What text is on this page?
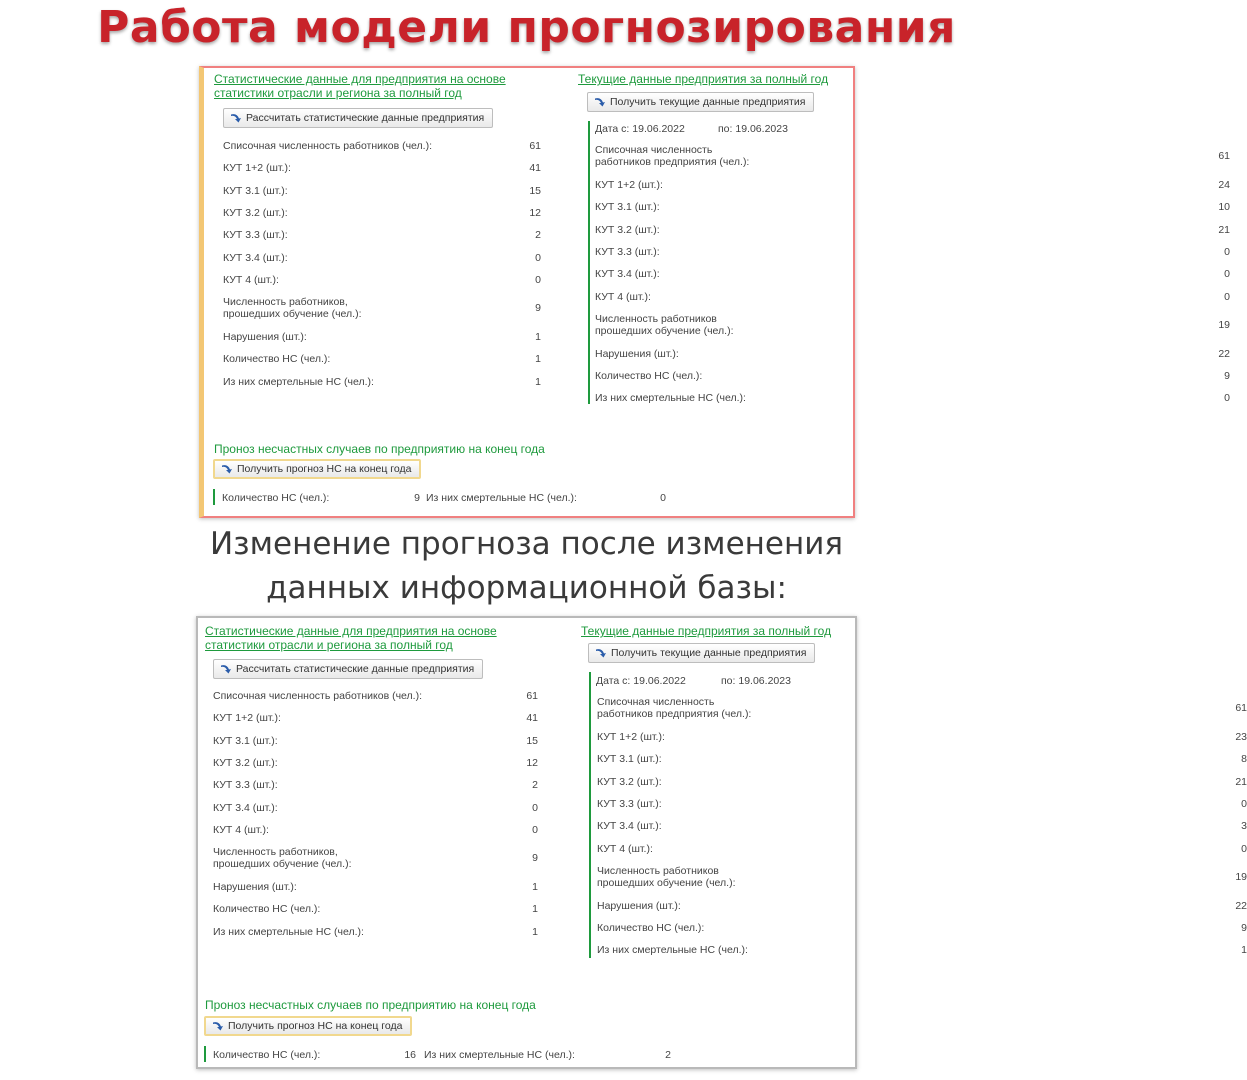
Работа модели прогнозирования
Статистические данные для предприятия на основе
статистики отрасли и региона за полный год
Рассчитать статистические данные предприятия
Списочная численность работников (чел.):	61
КУТ 1+2 (шт.):	41
КУТ 3.1 (шт.):	15
КУТ 3.2 (шт.):	12
КУТ 3.3 (шт.):	2
КУТ 3.4 (шт.):	0
КУТ 4 (шт.):	0
Численность работников,
прошедших обучение (чел.):	9
Нарушения (шт.):	1
Количество НС (чел.):	1
Из них смертельные НС (чел.):	1
Текущие данные предприятия за полный год
Получить текущие данные предприятия
Дата с: 19.06.2022	по: 19.06.2023
Списочная численность
работников предприятия (чел.):	61
КУТ 1+2 (шт.):	24
КУТ 3.1 (шт.):	10
КУТ 3.2 (шт.):	21
КУТ 3.3 (шт.):	0
КУТ 3.4 (шт.):	0
КУТ 4 (шт.):	0
Численность работников
прошедших обучение (чел.):	19
Нарушения (шт.):	22
Количество НС (чел.):	9
Из них смертельные НС (чел.):	0
Проноз несчастных случаев по предприятию на конец года
Получить прогноз НС на конец года
Количество НС (чел.):	9 Из них смертельные НС (чел.):	0
Изменение прогноза после изменения
данных информационной базы:
Статистические данные для предприятия на основе
статистики отрасли и региона за полный год
Рассчитать статистические данные предприятия
Списочная численность работников (чел.):	61
КУТ 1+2 (шт.):	41
КУТ 3.1 (шт.):	15
КУТ 3.2 (шт.):	12
КУТ 3.3 (шт.):	2
КУТ 3.4 (шт.):	0
КУТ 4 (шт.):	0
Численность работников,
прошедших обучение (чел.):	9
Нарушения (шт.):	1
Количество НС (чел.):	1
Из них смертельные НС (чел.):	1
Текущие данные предприятия за полный год
Получить текущие данные предприятия
Дата с: 19.06.2022	по: 19.06.2023
Списочная численность
работников предприятия (чел.):	61
КУТ 1+2 (шт.):	23
КУТ 3.1 (шт.):	8
КУТ 3.2 (шт.):	21
КУТ 3.3 (шт.):	0
КУТ 3.4 (шт.):	3
КУТ 4 (шт.):	0
Численность работников
прошедших обучение (чел.):	19
Нарушения (шт.):	22
Количество НС (чел.):	9
Из них смертельные НС (чел.):	1
Проноз несчастных случаев по предприятию на конец года
Получить прогноз НС на конец года
Количество НС (чел.):	16 Из них смертельные НС (чел.):	2
